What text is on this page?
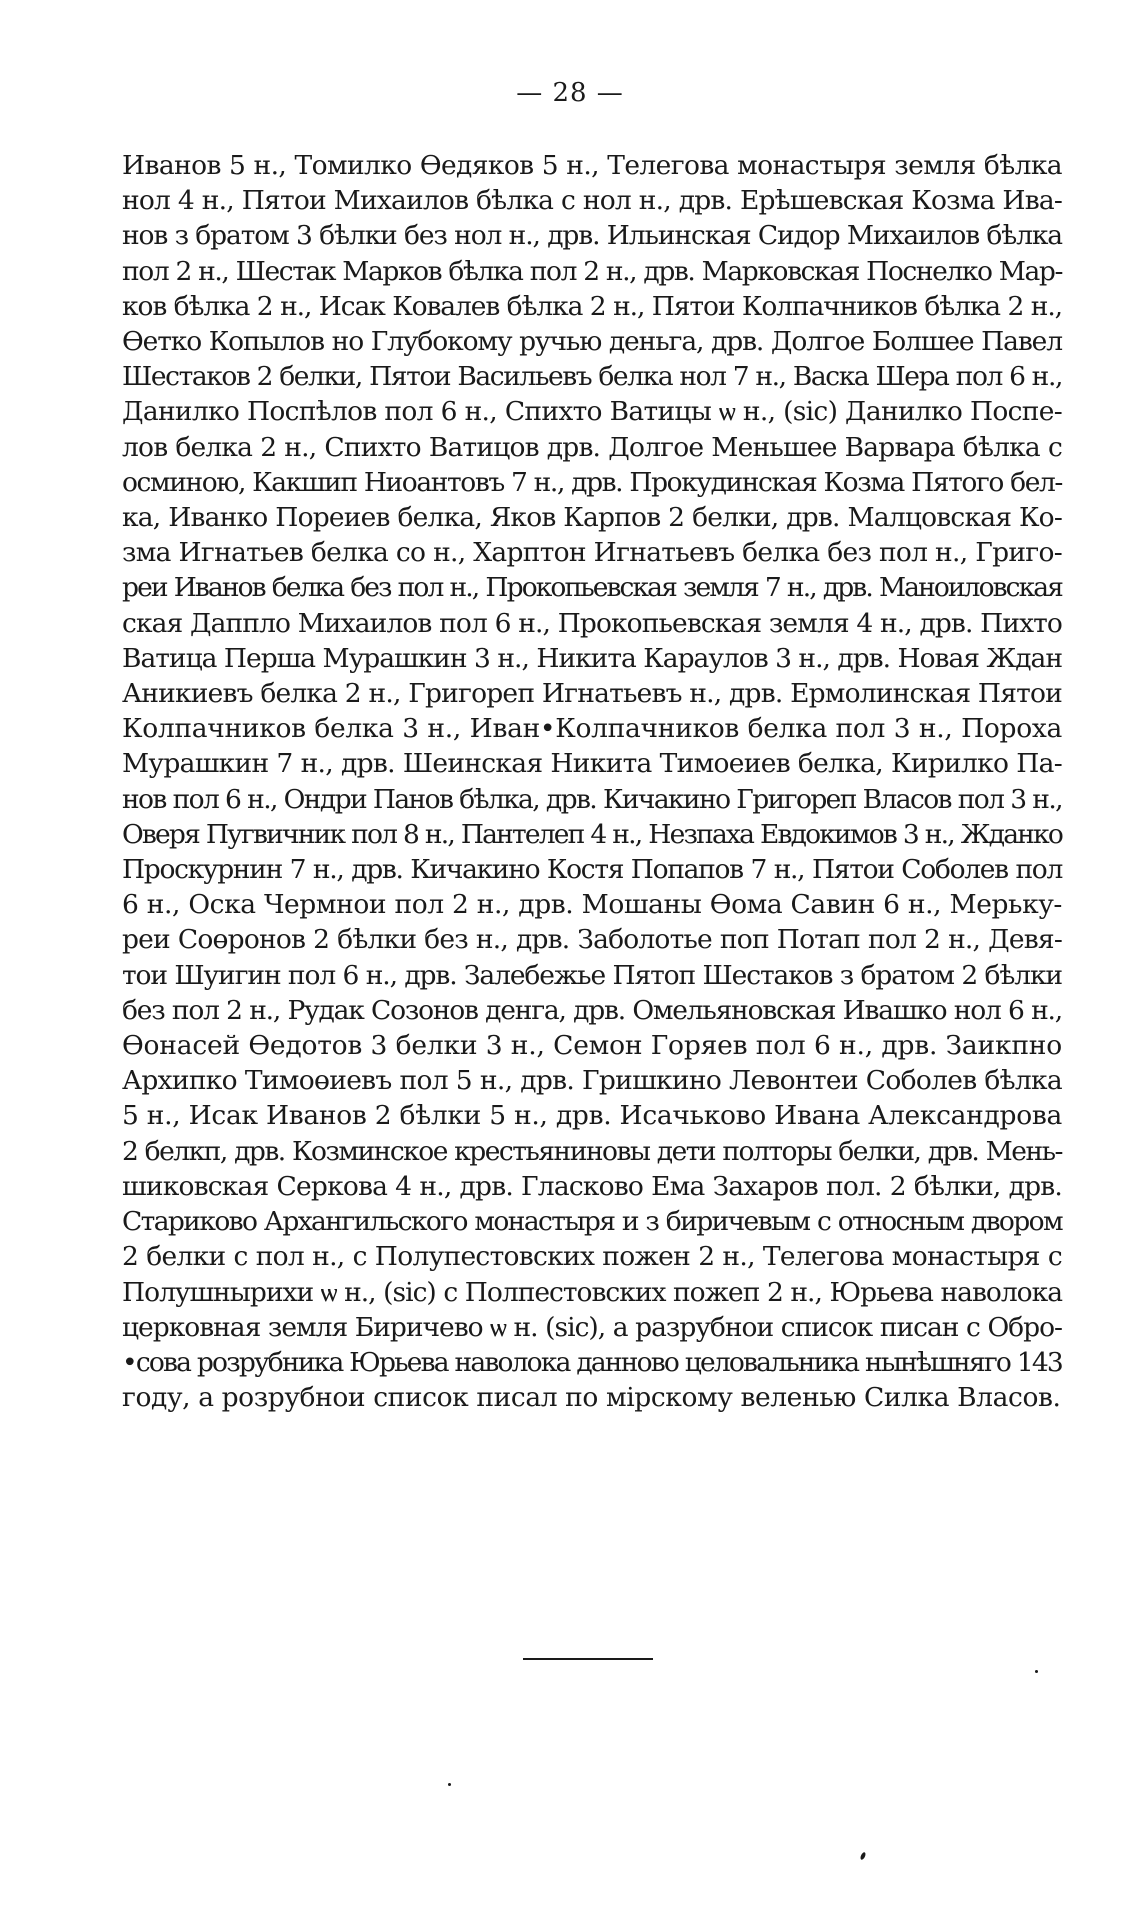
— 28 —
Иванов 5 н., Томилко Өедяков 5 н., Телегова монастыря земля бѣлка
нол 4 н., Пятои Михаилов бѣлка с нол н., дрв. Ерѣшевская Козма Ива-
нов з братом 3 бѣлки без нол н., дрв. Ильинская Сидор Михаилов бѣлка
пол 2 н., Шестак Марков бѣлка пол 2 н., дрв. Марковская Поснелко Мар-
ков бѣлка 2 н., Исак Ковалев бѣлка 2 н., Пятои Колпачников бѣлка 2 н.,
Өетко Копылов но Глубокому ручью деньга, дрв. Долгое Болшее Павел
Шестаков 2 белки, Пятои Васильевъ белка нол 7 н., Васка Шера пол 6 н.,
Данилко Поспѣлов пол 6 н., Спихто Ватицы ѡ н., (sic) Данилко Поспе-
лов белка 2 н., Спихто Ватицов дрв. Долгое Меньшее Варвара бѣлка с
осминою, Какшип Ниоантовъ 7 н., дрв. Прокудинская Козма Пятого бел-
ка, Иванко Пореиев белка, Яков Карпов 2 белки, дрв. Малцовская Ко-
зма Игнатьев белка со н., Харптон Игнатьевъ белка без пол н., Григо-
реи Иванов белка без пол н., Прокопьевская земля 7 н., дрв. Маноиловская
ская Даппло Михаилов пол 6 н., Прокопьевская земля 4 н., дрв. Пихто
Ватица Перша Мурашкин 3 н., Никита Караулов 3 н., дрв. Новая Ждан
Аникиевъ белка 2 н., Григореп Игнатьевъ н., дрв. Ермолинская Пятои
Колпачников белка 3 н., Иван•Колпачников белка пол 3 н., Пороха
Мурашкин 7 н., дрв. Шеинская Никита Тимоеиев белка, Кирилко Па-
нов пол 6 н., Ондри Панов бѣлка, дрв. Кичакино Григореп Власов пол 3 н.,
Оверя Пугвичник пол 8 н., Пантелеп 4 н., Незпаха Евдокимов 3 н., Жданко
Проскурнин 7 н., дрв. Кичакино Костя Попапов 7 н., Пятои Соболев пол
6 н., Оска Чермнои пол 2 н., дрв. Мошаны Өома Савин 6 н., Мерьку-
реи Соөронов 2 бѣлки без н., дрв. Заболотье поп Потап пол 2 н., Девя-
тои Шуигин пол 6 н., дрв. Залебежье Пятоп Шестаков з братом 2 бѣлки
без пол 2 н., Рудак Созонов денга, дрв. Омельяновская Ивашко нол 6 н.,
Өонасей Өедотов 3 белки 3 н., Семон Горяев пол 6 н., дрв. Заикпно
Архипко Тимоөиевъ пол 5 н., дрв. Гришкино Левонтеи Соболев бѣлка
5 н., Исак Иванов 2 бѣлки 5 н., дрв. Исачьково Ивана Александрова
2 белкп, дрв. Козминское крестьяниновы дети полторы белки, дрв. Мень-
шиковская Серкова 4 н., дрв. Гласково Ема Захаров пол. 2 бѣлки, дрв.
Стариково Архангильского монастыря и з биричевым с относным двором
2 белки с пол н., с Полупестовских пожен 2 н., Телегова монастыря с
Полушнырихи ѡ н., (sic) с Полпестовских пожеп 2 н., Юрьева наволока
церковная земля Биричево ѡ н. (sic), а разрубнои список писан с Обро-
•сова розрубника Юрьева наволока данново целовальника нынѣшняго 143
году, а розрубнои список писал по мірскому веленью Силка Власов.
